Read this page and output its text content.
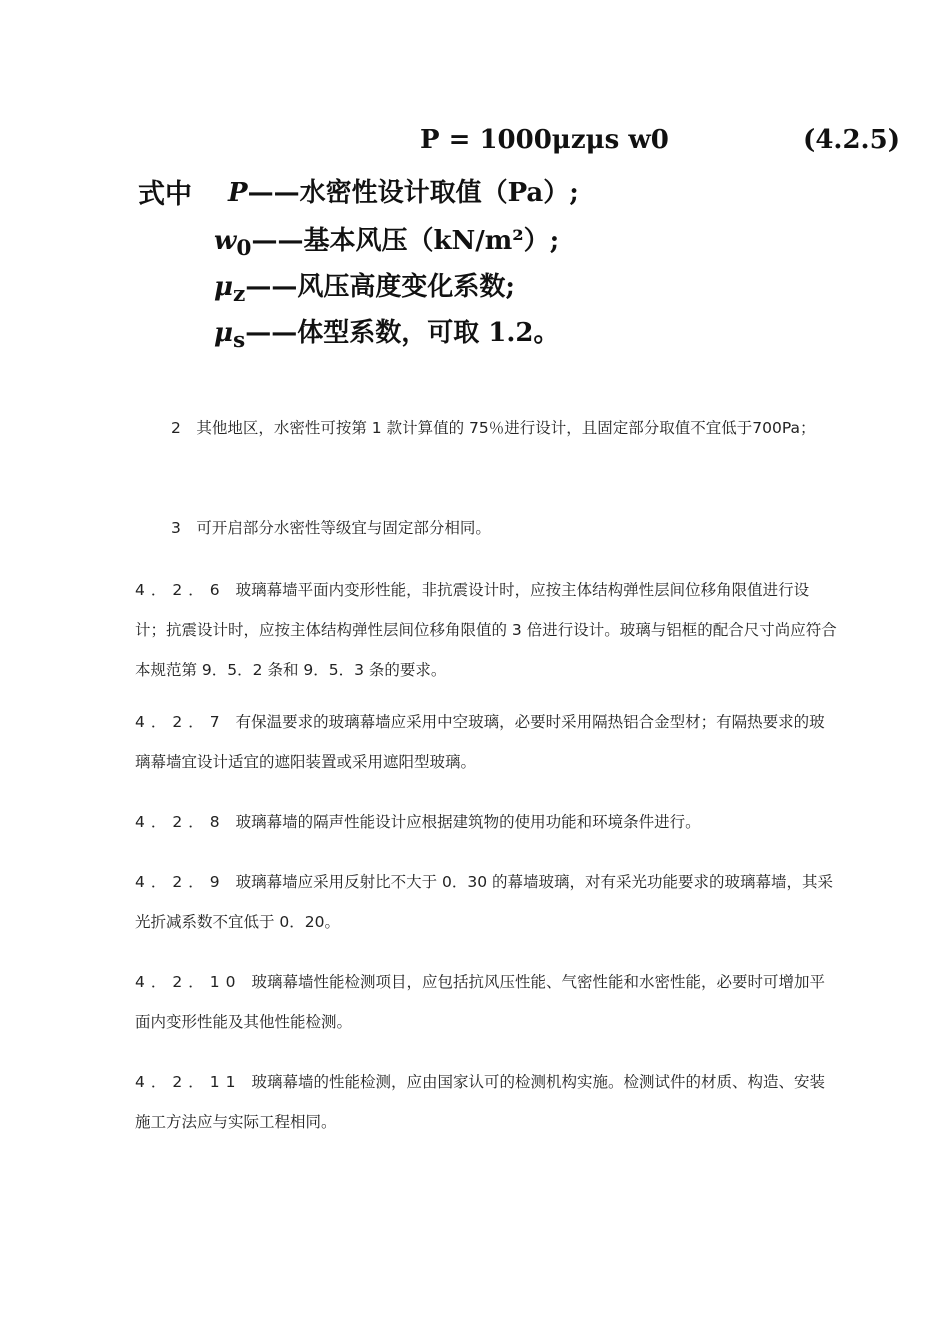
P = 1000μzμs w0	(4.2.5)
式中 P——水密性设计取值（Pa）;
$w_0——$基本风压（kN/m²）;
$\mu_z——$风压高度变化系数;
$\mu_s——$体型系数，可取 1.2。
2　其他地区，水密性可按第 1 款计算值的 75％进行设计，且固定部分取值不宜低于700Pa；
3　可开启部分水密性等级宜与固定部分相同。
4．2．6 玻璃幕墙平面内变形性能，非抗震设计时，应按主体结构弹性层间位移角限值进行设计；抗震设计时，应按主体结构弹性层间位移角限值的 3 倍进行设计。玻璃与铝框的配合尺寸尚应符合本规范第 9．5．2 条和 9．5．3 条的要求。
4．2．7 有保温要求的玻璃幕墙应采用中空玻璃，必要时采用隔热铝合金型材；有隔热要求的玻璃幕墙宜设计适宜的遮阳装置或采用遮阳型玻璃。
4．2．8 玻璃幕墙的隔声性能设计应根据建筑物的使用功能和环境条件进行。
4．2．9 玻璃幕墙应采用反射比不大于 0．30 的幕墙玻璃，对有采光功能要求的玻璃幕墙，其采光折减系数不宜低于 0．20。
4．2．10 玻璃幕墙性能检测项目，应包括抗风压性能、气密性能和水密性能，必要时可增加平面内变形性能及其他性能检测。
4．2．11 玻璃幕墙的性能检测，应由国家认可的检测机构实施。检测试件的材质、构造、安装施工方法应与实际工程相同。
